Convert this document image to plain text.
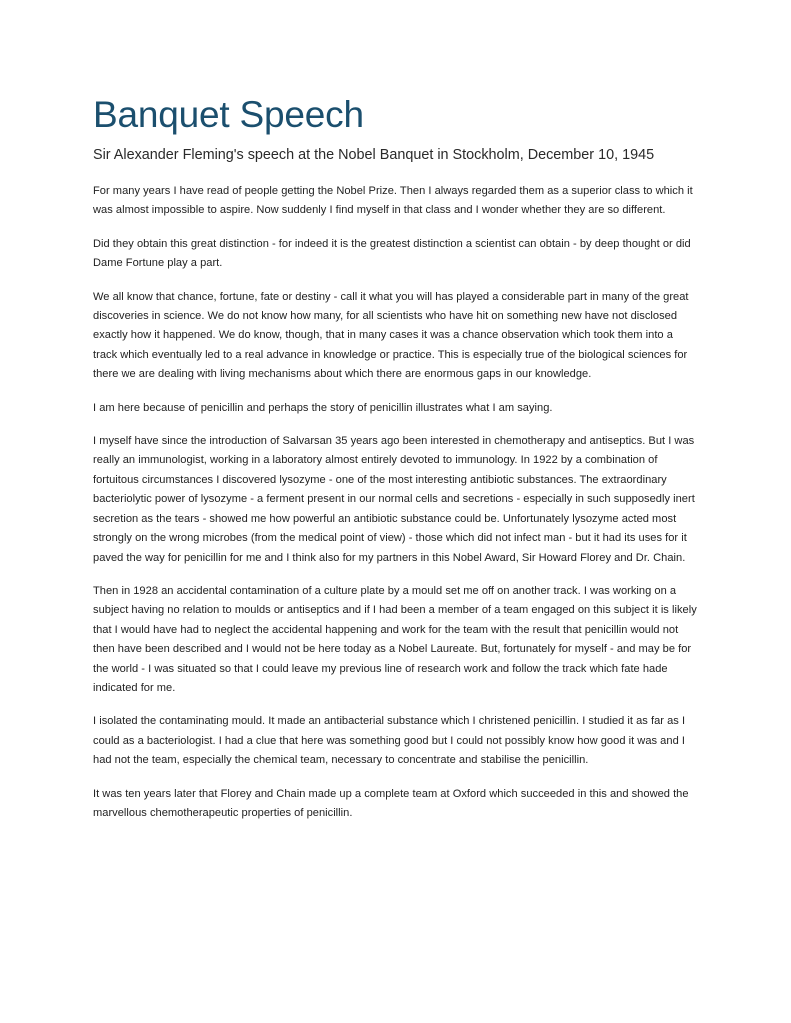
Banquet Speech
Sir Alexander Fleming's speech at the Nobel Banquet in Stockholm, December 10, 1945

For many years I have read of people getting the Nobel Prize. Then I always regarded them as a superior class to which it was almost impossible to aspire. Now suddenly I find myself in that class and I wonder whether they are so different.

Did they obtain this great distinction - for indeed it is the greatest distinction a scientist can obtain - by deep thought or did Dame Fortune play a part.

We all know that chance, fortune, fate or destiny - call it what you will has played a considerable part in many of the great discoveries in science. We do not know how many, for all scientists who have hit on something new have not disclosed exactly how it happened. We do know, though, that in many cases it was a chance observation which took them into a track which eventually led to a real advance in knowledge or practice. This is especially true of the biological sciences for there we are dealing with living mechanisms about which there are enormous gaps in our knowledge.

I am here because of penicillin and perhaps the story of penicillin illustrates what I am saying.

I myself have since the introduction of Salvarsan 35 years ago been interested in chemotherapy and antiseptics. But I was really an immunologist, working in a laboratory almost entirely devoted to immunology. In 1922 by a combination of fortuitous circumstances I discovered lysozyme - one of the most interesting antibiotic substances. The extraordinary bacteriolytic power of lysozyme - a ferment present in our normal cells and secretions - especially in such supposedly inert secretion as the tears - showed me how powerful an antibiotic substance could be. Unfortunately lysozyme acted most strongly on the wrong microbes (from the medical point of view) - those which did not infect man - but it had its uses for it paved the way for penicillin for me and I think also for my partners in this Nobel Award, Sir Howard Florey and Dr. Chain.

Then in 1928 an accidental contamination of a culture plate by a mould set me off on another track. I was working on a subject having no relation to moulds or antiseptics and if I had been a member of a team engaged on this subject it is likely that I would have had to neglect the accidental happening and work for the team with the result that penicillin would not then have been described and I would not be here today as a Nobel Laureate. But, fortunately for myself - and may be for the world - I was situated so that I could leave my previous line of research work and follow the track which fate hade indicated for me.

I isolated the contaminating mould. It made an antibacterial substance which I christened penicillin. I studied it as far as I could as a bacteriologist. I had a clue that here was something good but I could not possibly know how good it was and I had not the team, especially the chemical team, necessary to concentrate and stabilise the penicillin.

It was ten years later that Florey and Chain made up a complete team at Oxford which succeeded in this and showed the marvellous chemotherapeutic properties of penicillin.
